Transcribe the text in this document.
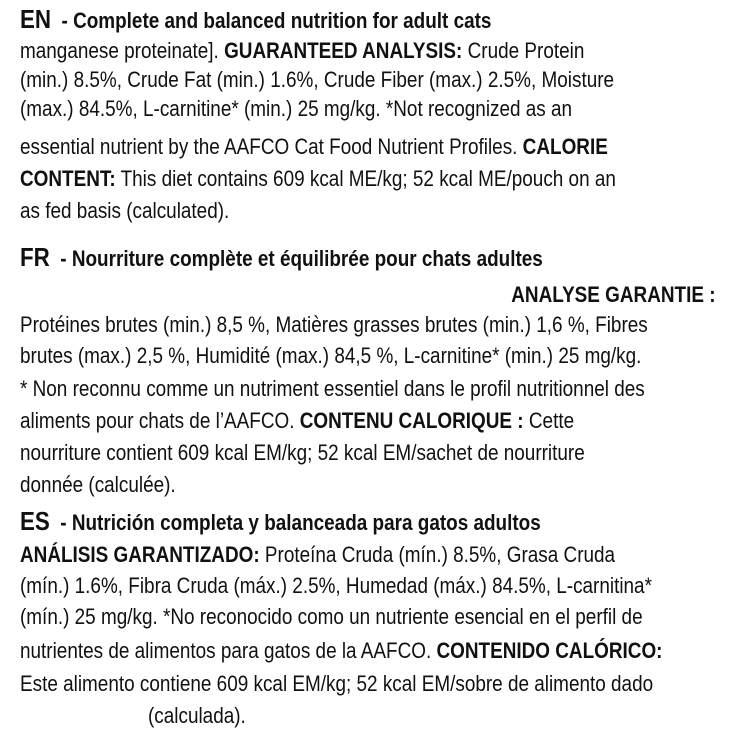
EN - Complete and balanced nutrition for adult cats
manganese proteinate]. GUARANTEED ANALYSIS: Crude Protein
(min.) 8.5%, Crude Fat (min.) 1.6%, Crude Fiber (max.) 2.5%, Moisture
(max.) 84.5%, L-carnitine* (min.) 25 mg/kg. *Not recognized as an
essential nutrient by the AAFCO Cat Food Nutrient Profiles. CALORIE
CONTENT: This diet contains 609 kcal ME/kg; 52 kcal ME/pouch on an
as fed basis (calculated).
FR - Nourriture complète et équilibrée pour chats adultes
ANALYSE GARANTIE :
Protéines brutes (min.) 8,5 %, Matières grasses brutes (min.) 1,6 %, Fibres
brutes (max.) 2,5 %, Humidité (max.) 84,5 %, L-carnitine* (min.) 25 mg/kg.
* Non reconnu comme un nutriment essentiel dans le profil nutritionnel des
aliments pour chats de l’AAFCO. CONTENU CALORIQUE : Cette
nourriture contient 609 kcal EM/kg; 52 kcal EM/sachet de nourriture
donnée (calculée).
ES - Nutrición completa y balanceada para gatos adultos
ANÁLISIS GARANTIZADO: Proteína Cruda (mín.) 8.5%, Grasa Cruda
(mín.) 1.6%, Fibra Cruda (máx.) 2.5%, Humedad (máx.) 84.5%, L-carnitina*
(mín.) 25 mg/kg. *No reconocido como un nutriente esencial en el perfil de
nutrientes de alimentos para gatos de la AAFCO. CONTENIDO CALÓRICO:
Este alimento contiene 609 kcal EM/kg; 52 kcal EM/sobre de alimento dado
(calculada).
